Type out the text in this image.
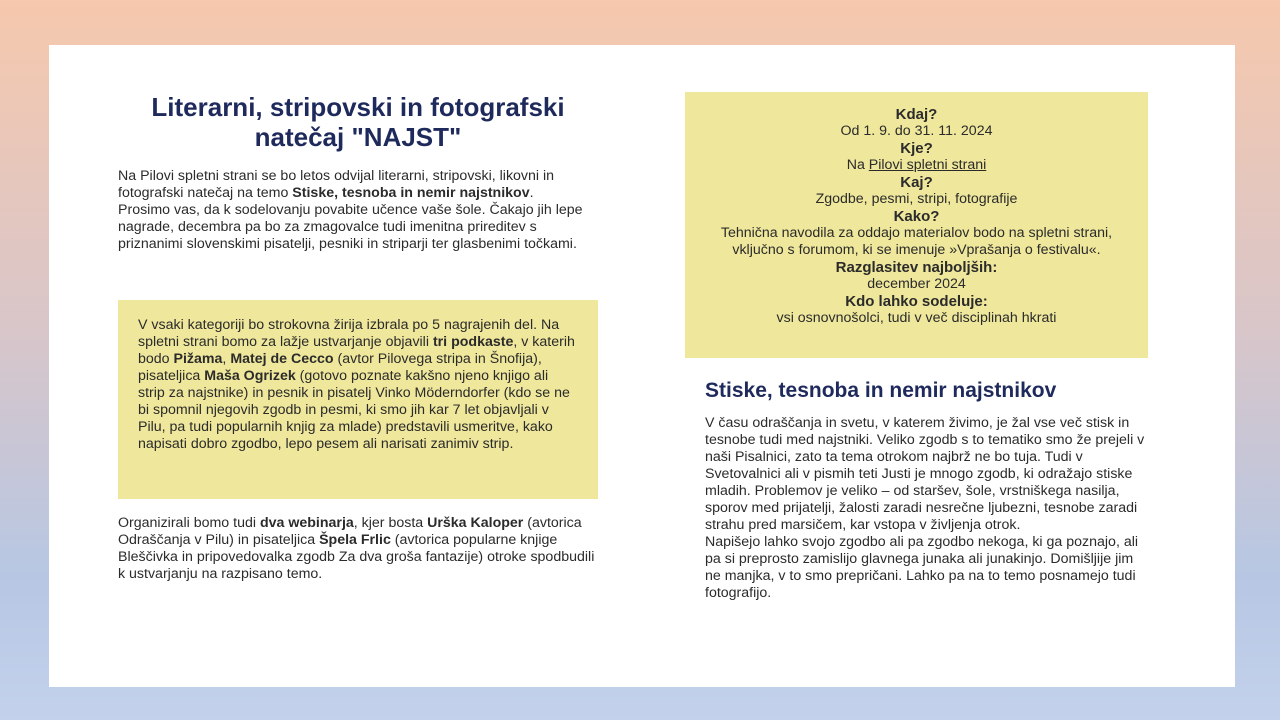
Literarni, stripovski in fotografski natečaj "NAJST"

Na Pilovi spletni strani se bo letos odvijal literarni, stripovski, likovni in fotografski natečaj na temo Stiske, tesnoba in nemir najstnikov.
Prosimo vas, da k sodelovanju povabite učence vaše šole. Čakajo jih lepe nagrade, decembra pa bo za zmagovalce tudi imenitna prireditev s priznanimi slovenskimi pisatelji, pesniki in striparji ter glasbenimi točkami.

V vsaki kategoriji bo strokovna žirija izbrala po 5 nagrajenih del. Na spletni strani bomo za lažje ustvarjanje objavili tri podkaste, v katerih bodo Pižama, Matej de Cecco (avtor Pilovega stripa in Šnofija), pisateljica Maša Ogrizek (gotovo poznate kakšno njeno knjigo ali strip za najstnike) in pesnik in pisatelj Vinko Möderndorfer (kdo se ne bi spomnil njegovih zgodb in pesmi, ki smo jih kar 7 let objavljali v Pilu, pa tudi popularnih knjig za mlade) predstavili usmeritve, kako napisati dobro zgodbo, lepo pesem ali narisati zanimiv strip.

Organizirali bomo tudi dva webinarja, kjer bosta Urška Kaloper (avtorica Odraščanja v Pilu) in pisateljica Špela Frlic (avtorica popularne knjige Bleščivka in pripovedovalka zgodb Za dva groša fantazije) otroke spodbudili k ustvarjanju na razpisano temo.

Kdaj?

Od 1. 9. do 31. 11. 2024

Kje?

Na Pilovi spletni strani

Kaj?

Zgodbe, pesmi, stripi, fotografije

Kako?

Tehnična navodila za oddajo materialov bodo na spletni strani, vključno s forumom, ki se imenuje »Vprašanja o festivalu«.

Razglasitev najboljših:

december 2024

Kdo lahko sodeluje:

vsi osnovnošolci, tudi v več disciplinah hkrati

Stiske, tesnoba in nemir najstnikov

V času odraščanja in svetu, v katerem živimo, je žal vse več stisk in tesnobe tudi med najstniki. Veliko zgodb s to tematiko smo že prejeli v naši Pisalnici, zato ta tema otrokom najbrž ne bo tuja. Tudi v Svetovalnici ali v pismih teti Justi je mnogo zgodb, ki odražajo stiske mladih. Problemov je veliko – od staršev, šole, vrstniškega nasilja, sporov med prijatelji, žalosti zaradi nesrečne ljubezni, tesnobe zaradi strahu pred marsičem, kar vstopa v življenja otrok.
Napišejo lahko svojo zgodbo ali pa zgodbo nekoga, ki ga poznajo, ali pa si preprosto zamislijo glavnega junaka ali junakinjo. Domišljije jim ne manjka, v to smo prepričani. Lahko pa na to temo posnamejo tudi fotografijo.
